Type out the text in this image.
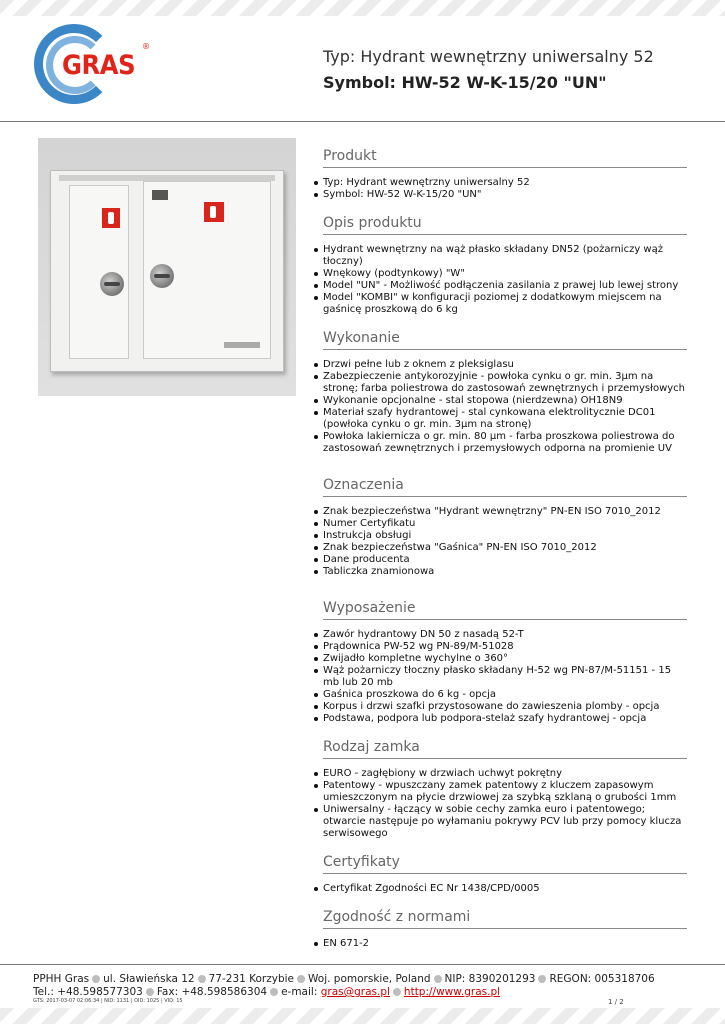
GRAS
®
Typ: Hydrant wewnętrzny uniwersalny 52
Symbol: HW-52 W-K-15/20 "UN"
Produkt
Typ: Hydrant wewnętrzny uniwersalny 52
Symbol: HW-52 W-K-15/20 "UN"
Opis produktu
Hydrant wewnętrzny na wąż płasko składany DN52 (pożarniczy wąż tłoczny)
Wnękowy (podtynkowy) "W"
Model "UN" - Możliwość podłączenia zasilania z prawej lub lewej strony
Model "KOMBI" w konfiguracji poziomej z dodatkowym miejscem na gaśnicę proszkową do 6 kg
Wykonanie
Drzwi pełne lub z oknem z pleksiglasu
Zabezpieczenie antykorozyjnie - powłoka cynku o gr. min. 3µm na stronę; farba poliestrowa do zastosowań zewnętrznych i przemysłowych
Wykonanie opcjonalne - stal stopowa (nierdzewna) OH18N9
Materiał szafy hydrantowej - stal cynkowana elektrolitycznie DC01 (powłoka cynku o gr. min. 3µm na stronę)
Powłoka lakiernicza o gr. min. 80 µm - farba proszkowa poliestrowa do zastosowań zewnętrznych i przemysłowych odporna na promienie UV
Oznaczenia
Znak bezpieczeństwa "Hydrant wewnętrzny" PN-EN ISO 7010_2012
Numer Certyfikatu
Instrukcja obsługi
Znak bezpieczeństwa "Gaśnica" PN-EN ISO 7010_2012
Dane producenta
Tabliczka znamionowa
Wyposażenie
Zawór hydrantowy DN 50 z nasadą 52-T
Prądownica PW-52 wg PN-89/M-51028
Zwijadło kompletne wychylne o 360°
Wąż pożarniczy tłoczny płasko składany H-52 wg PN-87/M-51151 - 15 mb lub 20 mb
Gaśnica proszkowa do 6 kg - opcja
Korpus i drzwi szafki przystosowane do zawieszenia plomby - opcja
Podstawa, podpora lub podpora-stelaż szafy hydrantowej - opcja
Rodzaj zamka
EURO - zagłębiony w drzwiach uchwyt pokrętny
Patentowy - wpuszczany zamek patentowy z kluczem zapasowym umieszczonym na płycie drzwiowej za szybką szklaną o grubości 1mm
Uniwersalny - łączący w sobie cechy zamka euro i patentowego; otwarcie następuje po wyłamaniu pokrywy PCV lub przy pomocy klucza serwisowego
Certyfikaty
Certyfikat Zgodności EC Nr 1438/CPD/0005
Zgodność z normami
EN 671-2
PPHH Gras ul. Sławieńska 12 77-231 Korzybie Woj. pomorskie, Poland NIP: 8390201293 REGON: 005318706
Tel.: +48.598577303 Fax: +48.598586304 e-mail: gras@gras.pl http://www.gras.pl
GTS: 2017-03-07 02:06:34 | NID: 1131 | OID: 1025 | VID: 15	1 / 2
